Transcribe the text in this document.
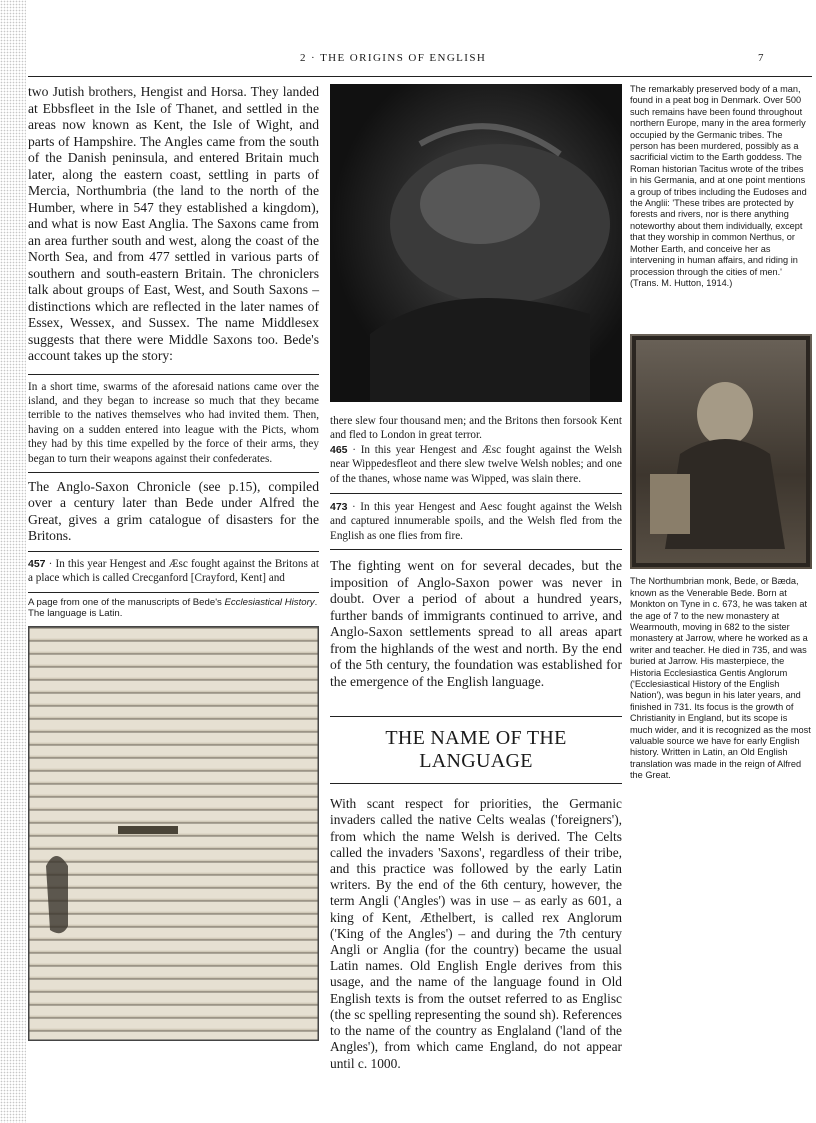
2 · THE ORIGINS OF ENGLISH	7

two Jutish brothers, Hengist and Horsa. They landed at Ebbsfleet in the Isle of Thanet, and settled in the areas now known as Kent, the Isle of Wight, and parts of Hampshire. The Angles came from the south of the Danish peninsula, and entered Britain much later, along the eastern coast, settling in parts of Mercia, Northumbria (the land to the north of the Humber, where in 547 they established a kingdom), and what is now East Anglia. The Saxons came from an area further south and west, along the coast of the North Sea, and from 477 settled in various parts of southern and south-eastern Britain. The chroniclers talk about groups of East, West, and South Saxons – distinctions which are reflected in the later names of Essex, Wessex, and Sussex. The name Middlesex suggests that there were Middle Saxons too. Bede's account takes up the story:

In a short time, swarms of the aforesaid nations came over the island, and they began to increase so much that they became terrible to the natives themselves who had invited them. Then, having on a sudden entered into league with the Picts, whom they had by this time expelled by the force of their arms, they began to turn their weapons against their confederates.

The Anglo-Saxon Chronicle (see p.15), compiled over a century later than Bede under Alfred the Great, gives a grim catalogue of disasters for the Britons.

457 · In this year Hengest and Æsc fought against the Britons at a place which is called Crecganford [Crayford, Kent] and

A page from one of the manuscripts of Bede's Ecclesiastical History. The language is Latin.

there slew four thousand men; and the Britons then forsook Kent and fled to London in great terror.

465 · In this year Hengest and Æsc fought against the Welsh near Wippedesfleot and there slew twelve Welsh nobles; and one of the thanes, whose name was Wipped, was slain there.

473 · In this year Hengest and Aesc fought against the Welsh and captured innumerable spoils, and the Welsh fled from the English as one flies from fire.

The fighting went on for several decades, but the imposition of Anglo-Saxon power was never in doubt. Over a period of about a hundred years, further bands of immigrants continued to arrive, and Anglo-Saxon settlements spread to all areas apart from the highlands of the west and north. By the end of the 5th century, the foundation was established for the emergence of the English language.

THE NAME OF THE LANGUAGE

With scant respect for priorities, the Germanic invaders called the native Celts wealas ('foreigners'), from which the name Welsh is derived. The Celts called the invaders 'Saxons', regardless of their tribe, and this practice was followed by the early Latin writers. By the end of the 6th century, however, the term Angli ('Angles') was in use – as early as 601, a king of Kent, Æthelbert, is called rex Anglorum ('King of the Angles') – and during the 7th century Angli or Anglia (for the country) became the usual Latin names. Old English Engle derives from this usage, and the name of the language found in Old English texts is from the outset referred to as Englisc (the sc spelling representing the sound sh). References to the name of the country as Englaland ('land of the Angles'), from which came England, do not appear until c. 1000.

The remarkably preserved body of a man, found in a peat bog in Denmark. Over 500 such remains have been found throughout northern Europe, many in the area formerly occupied by the Germanic tribes. The person has been murdered, possibly as a sacrificial victim to the Earth goddess. The Roman historian Tacitus wrote of the tribes in his Germania, and at one point mentions a group of tribes including the Eudoses and the Anglii: 'These tribes are protected by forests and rivers, nor is there anything noteworthy about them individually, except that they worship in common Nerthus, or Mother Earth, and conceive her as intervening in human affairs, and riding in procession through the cities of men.' (Trans. M. Hutton, 1914.)

The Northumbrian monk, Bede, or Bæda, known as the Venerable Bede. Born at Monkton on Tyne in c. 673, he was taken at the age of 7 to the new monastery at Wearmouth, moving in 682 to the sister monastery at Jarrow, where he worked as a writer and teacher. He died in 735, and was buried at Jarrow. His masterpiece, the Historia Ecclesiastica Gentis Anglorum ('Ecclesiastical History of the English Nation'), was begun in his later years, and finished in 731. Its focus is the growth of Christianity in England, but its scope is much wider, and it is recognized as the most valuable source we have for early English history. Written in Latin, an Old English translation was made in the reign of Alfred the Great.
